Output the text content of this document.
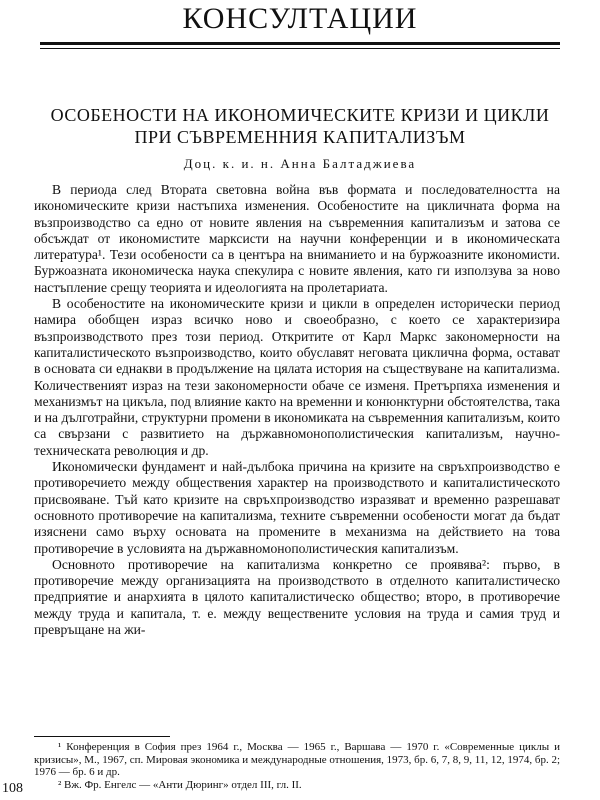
КОНСУЛТАЦИИ
ОСОБЕНОСТИ НА ИКОНОМИЧЕСКИТЕ КРИЗИ И ЦИКЛИ
ПРИ СЪВРЕМЕННИЯ КАПИТАЛИЗЪМ
Доц. к. и. н. Анна Балтаджиева

В периода след Втората световна война във формата и последователността на икономическите кризи настъпиха изменения. Особеностите на цикличната форма на възпроизводство са едно от новите явления на съвременния капитализъм и затова се обсъждат от икономистите марксисти на научни конференции и в икономическата литература¹. Тези особености са в центъра на вниманието и на буржоазните икономисти. Буржоазната икономическа наука спекулира с новите явления, като ги използува за ново настъпление срещу теорията и идеологията на пролетариата.

В особеностите на икономическите кризи и цикли в определен исторически период намира обобщен израз всичко ново и своеобразно, с което се характеризира възпроизводството през този период. Откритите от Карл Маркс закономерности на капиталистическото възпроизводство, които обуславят неговата циклична форма, остават в основата си еднакви в продължение на цялата история на съществуване на капитализма. Количественият израз на тези закономерности обаче се изменя. Претърпяха изменения и механизмът на цикъла, под влияние както на временни и конюнктурни обстоятелства, така и на дълготрайни, структурни промени в икономиката на съвременния капитализъм, които са свързани с развитието на държавномонополистическия капитализъм, научно-техническата революция и др.

Икономически фундамент и най-дълбока причина на кризите на свръхпроизводство е противоречието между обществения характер на производството и капиталистическото присвояване. Тъй като кризите на свръхпроизводство изразяват и временно разрешават основното противоречие на капитализма, техните съвременни особености могат да бъдат изяснени само върху основата на промените в механизма на действието на това противоречие в условията на държавномонополистическия капитализъм.

Основното противоречие на капитализма конкретно се проявява²: първо, в противоречие между организацията на производството в отделното капиталистическо предприятие и анархията в цялото капиталистическо общество; второ, в противоречие между труда и капитала, т. е. между веществените условия на труда и самия труд и превръщане на жи-

¹ Конференция в София през 1964 г., Москва — 1965 г., Варшава — 1970 г. «Современные циклы и кризисы», М., 1967, сп. Мировая экономика и международные отношения, 1973, бр. 6, 7, 8, 9, 11, 12, 1974, бр. 2; 1976 — бр. 6 и др.

² Вж. Фр. Енгелс — «Анти Дюринг» отдел III, гл. II.

108
